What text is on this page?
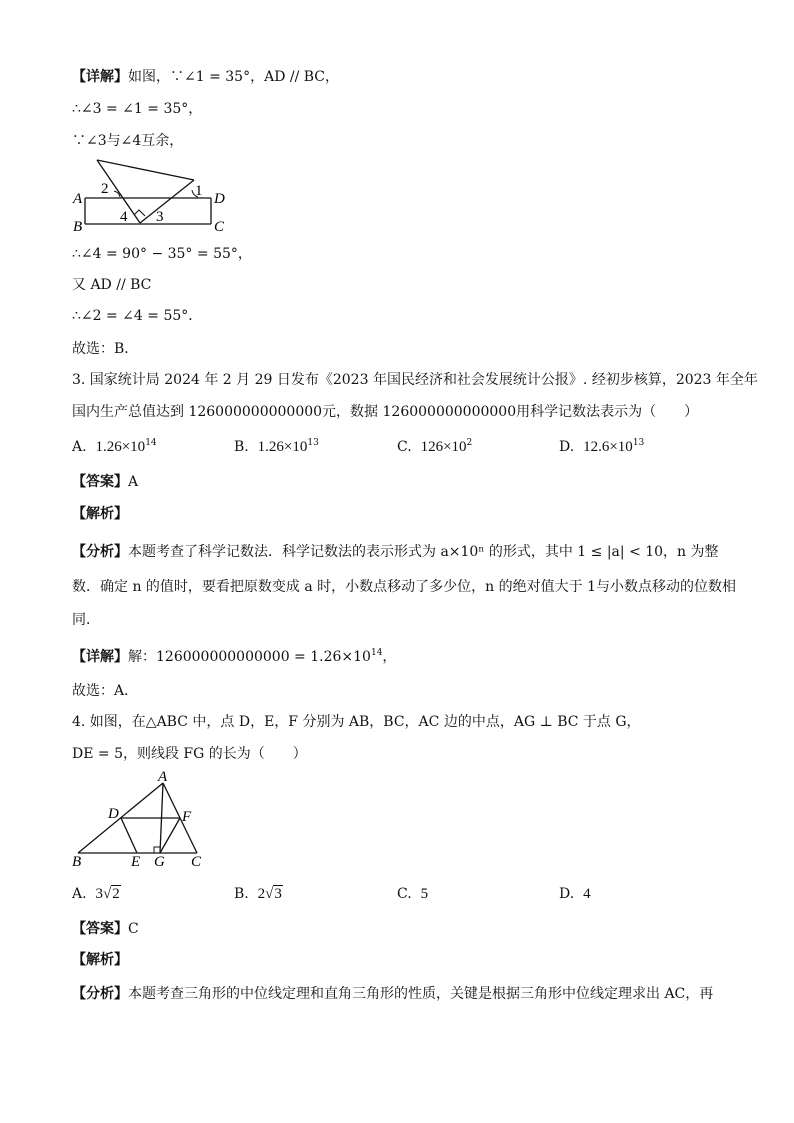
【详解】如图，∵∠1 = 35°，AD // BC，
∴∠3 = ∠1 = 35°，
∵∠3与∠4互余，
A
B
D
C
2	1
4 3
∴∠4 = 90° − 35° = 55°，
又 AD // BC
∴∠2 = ∠4 = 55°．
故选：B．
3. 国家统计局 2024 年 2 月 29 日发布《2023 年国民经济和社会发展统计公报》. 经初步核算，2023 年全年
国内生产总值达到 126000000000000元，数据 126000000000000用科学记数法表示为（　　）
A. $1.26\times 10^{14}$	B. $1.26\times 10^{13}$	C. $126\times 10^2$	D. $12.6\times 10^{13}$
【答案】A
【解析】
【分析】本题考查了科学记数法．科学记数法的表示形式为 a×10ⁿ 的形式，其中 1 ≤ |a| < 10，n 为整
数．确定 n 的值时，要看把原数变成 a 时，小数点移动了多少位，n 的绝对值大于 1与小数点移动的位数相
同．
【详解】解：$126000000000000 = 1.26\times 10^{14}$，
故选：A．
4. 如图，在△ABC 中，点 D，E，F 分别为 AB，BC，AC 边的中点，AG ⊥ BC 于点 G，
DE = 5，则线段 FG 的长为（　　）
A
B	C
D
E
F
G
A. 3√2	B. 2√3	C. 5	D. 4
【答案】C
【解析】
【分析】本题考查三角形的中位线定理和直角三角形的性质，关键是根据三角形中位线定理求出 AC，再
